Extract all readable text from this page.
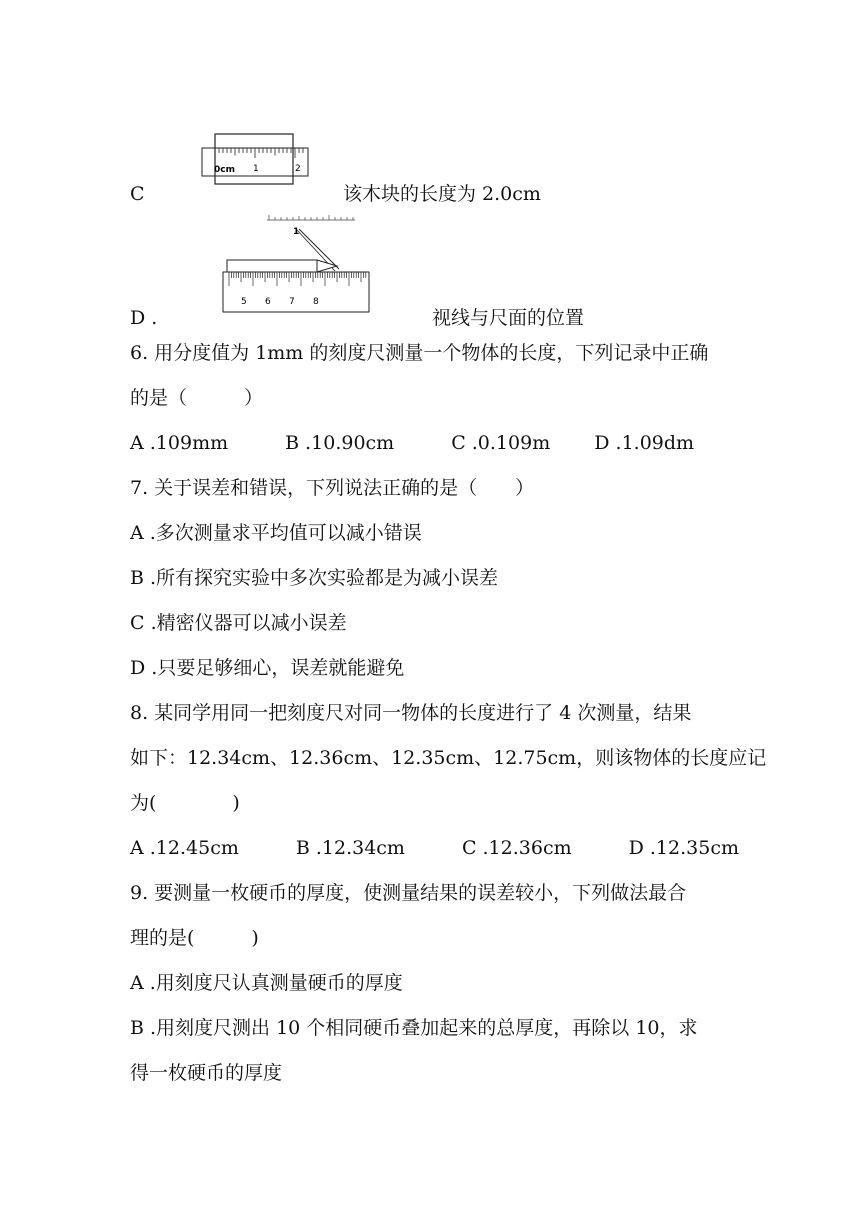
0cm 1	2
C	该木块的长度为 2.0cm
1
5 6 7 8
D .	视线与尺面的位置
6. 用分度值为 1mm 的刻度尺测量一个物体的长度，下列记录中正确
的是（　　　）
A .109mm　　　B .10.90cm　　　C .0.109m　　 D .1.09dm
7. 关于误差和错误，下列说法正确的是（　　）
A .多次测量求平均值可以减小错误
B .所有探究实验中多次实验都是为减小误差
C .精密仪器可以减小误差
D .只要足够细心，误差就能避免
8. 某同学用同一把刻度尺对同一物体的长度进行了 4 次测量，结果
如下：12.34cm、12.36cm、12.35cm、12.75cm，则该物体的长度应记
为(　　　　)
A .12.45cm　　　B .12.34cm　　　C .12.36cm　　　D .12.35cm
9. 要测量一枚硬币的厚度，使测量结果的误差较小，下列做法最合
理的是(　　　)
A .用刻度尺认真测量硬币的厚度
B .用刻度尺测出 10 个相同硬币叠加起来的总厚度，再除以 10，求
得一枚硬币的厚度
